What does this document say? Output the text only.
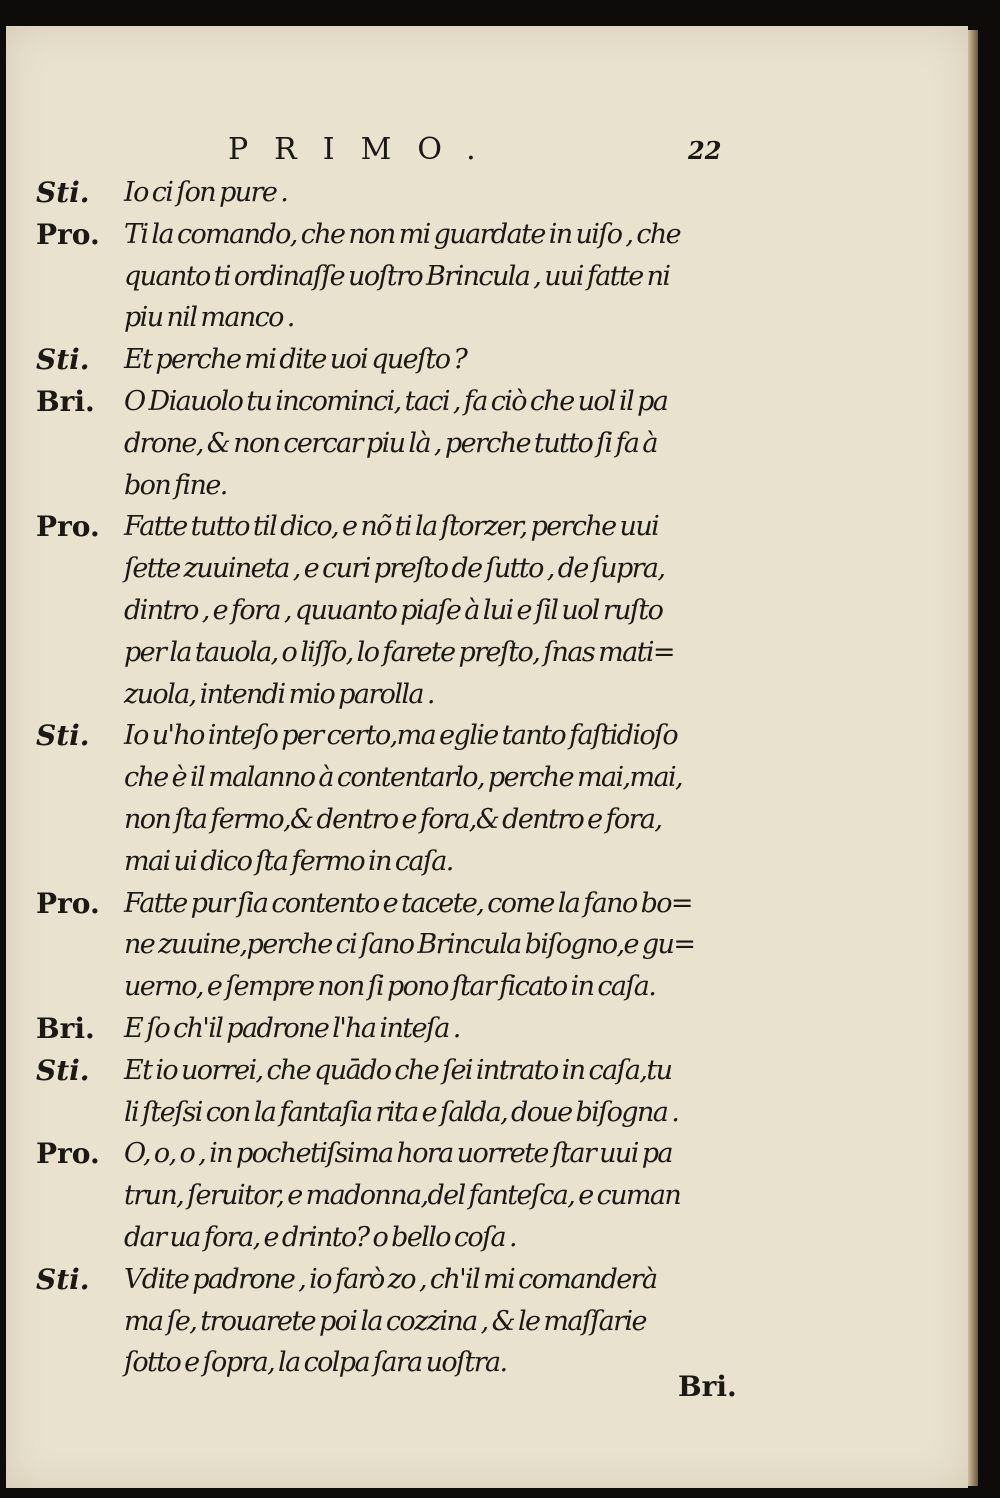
PRIMO.	22
Sti.	Io ci ſon pure .
Pro. Ti la comando, che non mi guardate in uiſo , che
quanto ti ordinaſſe uoſtro Brincula , uui fatte ni
piu nil manco .
Sti.	Et perche mi dite uoi queſto ?
Bri.	O Diauolo tu incominci, taci , fa ciò che uol il pa
drone, & non cercar piu là , perche tutto ſi fa à
bon fine.
Pro. Fatte tutto til dico, e nõ ti la ſtorzer, perche uui
ſette zuuineta , e curi preſto de ſutto , de ſupra,
dintro , e fora , quuanto piaſe à lui e ſil uol ruſto
per la tauola, o liſſo, lo farete preſto, ſnas mati=
zuola, intendi mio parolla .
Sti.	Io u'ho inteſo per certo,ma eglie tanto faſtidioſo
che è il malanno à contentarlo, perche mai,mai,
non ſta fermo,& dentro e fora,& dentro e fora,
mai ui dico ſta fermo in caſa.
Pro. Fatte pur ſia contento e tacete, come la fano bo=
ne zuuine,perche ci ſano Brincula biſogno,e gu=
uerno, e ſempre non ſi pono ſtar ficato in caſa.
Bri.	E ſo ch'il padrone l'ha inteſa .
Sti.	Et io uorrei, che quādo che ſei intrato in caſa,tu
li ſteſsi con la fantaſia rita e ſalda, doue biſogna .
Pro. O, o, o , in pochetiſsima hora uorrete ſtar uui pa
trun, ſeruitor, e madonna,del fanteſca, e cuman
dar ua fora, e drinto? o bello coſa .
Sti.	Vdite padrone , io farò zo , ch'il mi comanderà
ma ſe, trouarete poi la cozzina , & le maſſarie
ſotto e ſopra, la colpa ſara uoſtra.
Bri.
